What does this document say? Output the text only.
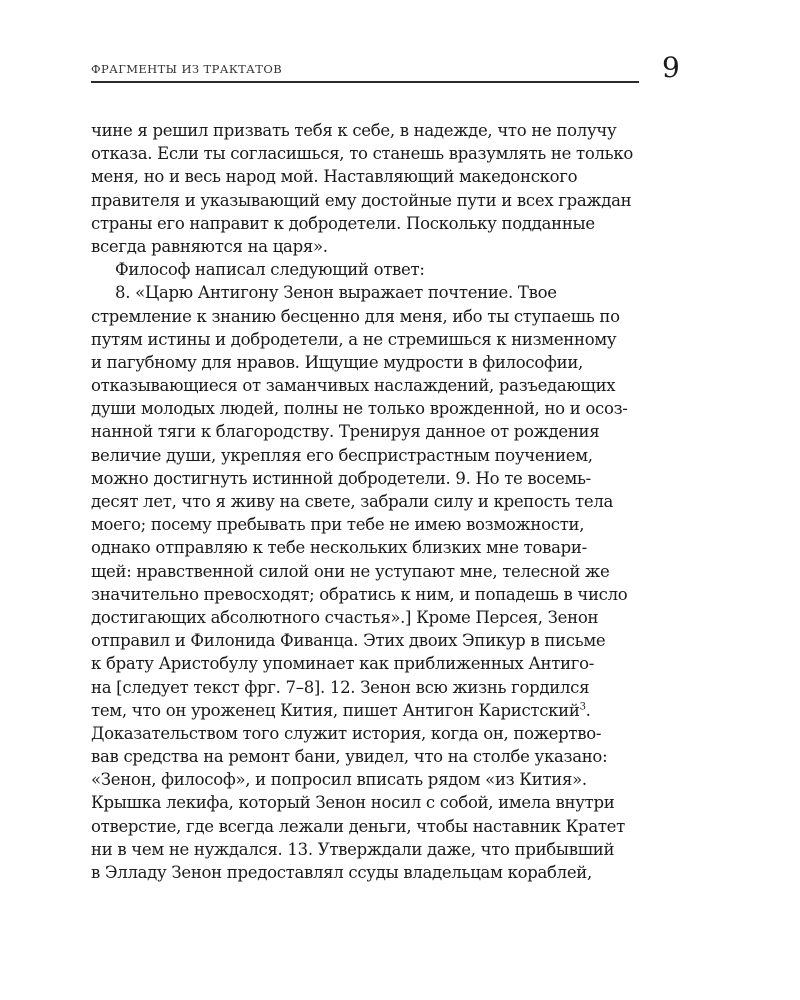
ФРАГМЕНТЫ ИЗ ТРАКТАТОВ	9
чине я решил призвать тебя к себе, в надежде, что не получу
отказа. Если ты согласишься, то станешь вразумлять не только
меня, но и весь народ мой. Наставляющий македонского
правителя и указывающий ему достойные пути и всех граждан
страны его направит к добродетели. Поскольку подданные
всегда равняются на царя».
Философ написал следующий ответ:
8. «Царю Антигону Зенон выражает почтение. Твое
стремление к знанию бесценно для меня, ибо ты ступаешь по
путям истины и добродетели, а не стремишься к низменному
и пагубному для нравов. Ищущие мудрости в философии,
отказывающиеся от заманчивых наслаждений, разъедающих
души молодых людей, полны не только врожденной, но и осоз-
нанной тяги к благородству. Тренируя данное от рождения
величие души, укрепляя его беспристрастным поучением,
можно достигнуть истинной добродетели. 9. Но те восемь-
десят лет, что я живу на свете, забрали силу и крепость тела
моего; посему пребывать при тебе не имею возможности,
однако отправляю к тебе нескольких близких мне товари-
щей: нравственной силой они не уступают мне, телесной же
значительно превосходят; обратись к ним, и попадешь в число
достигающих абсолютного счастья».] Кроме Персея, Зенон
отправил и Филонида Фиванца. Этих двоих Эпикур в письме
к брату Аристобулу упоминает как приближенных Антиго-
на [следует текст фрг. 7–8]. 12. Зенон всю жизнь гордился
тем, что он уроженец Кития, пишет Антигон Каристский$^3$.
Доказательством того служит история, когда он, пожертво-
вав средства на ремонт бани, увидел, что на столбе указано:
«Зенон, философ», и попросил вписать рядом «из Кития».
Крышка лекифа, который Зенон носил с собой, имела внутри
отверстие, где всегда лежали деньги, чтобы наставник Кратет
ни в чем не нуждался. 13. Утверждали даже, что прибывший
в Элладу Зенон предоставлял ссуды владельцам кораблей,
